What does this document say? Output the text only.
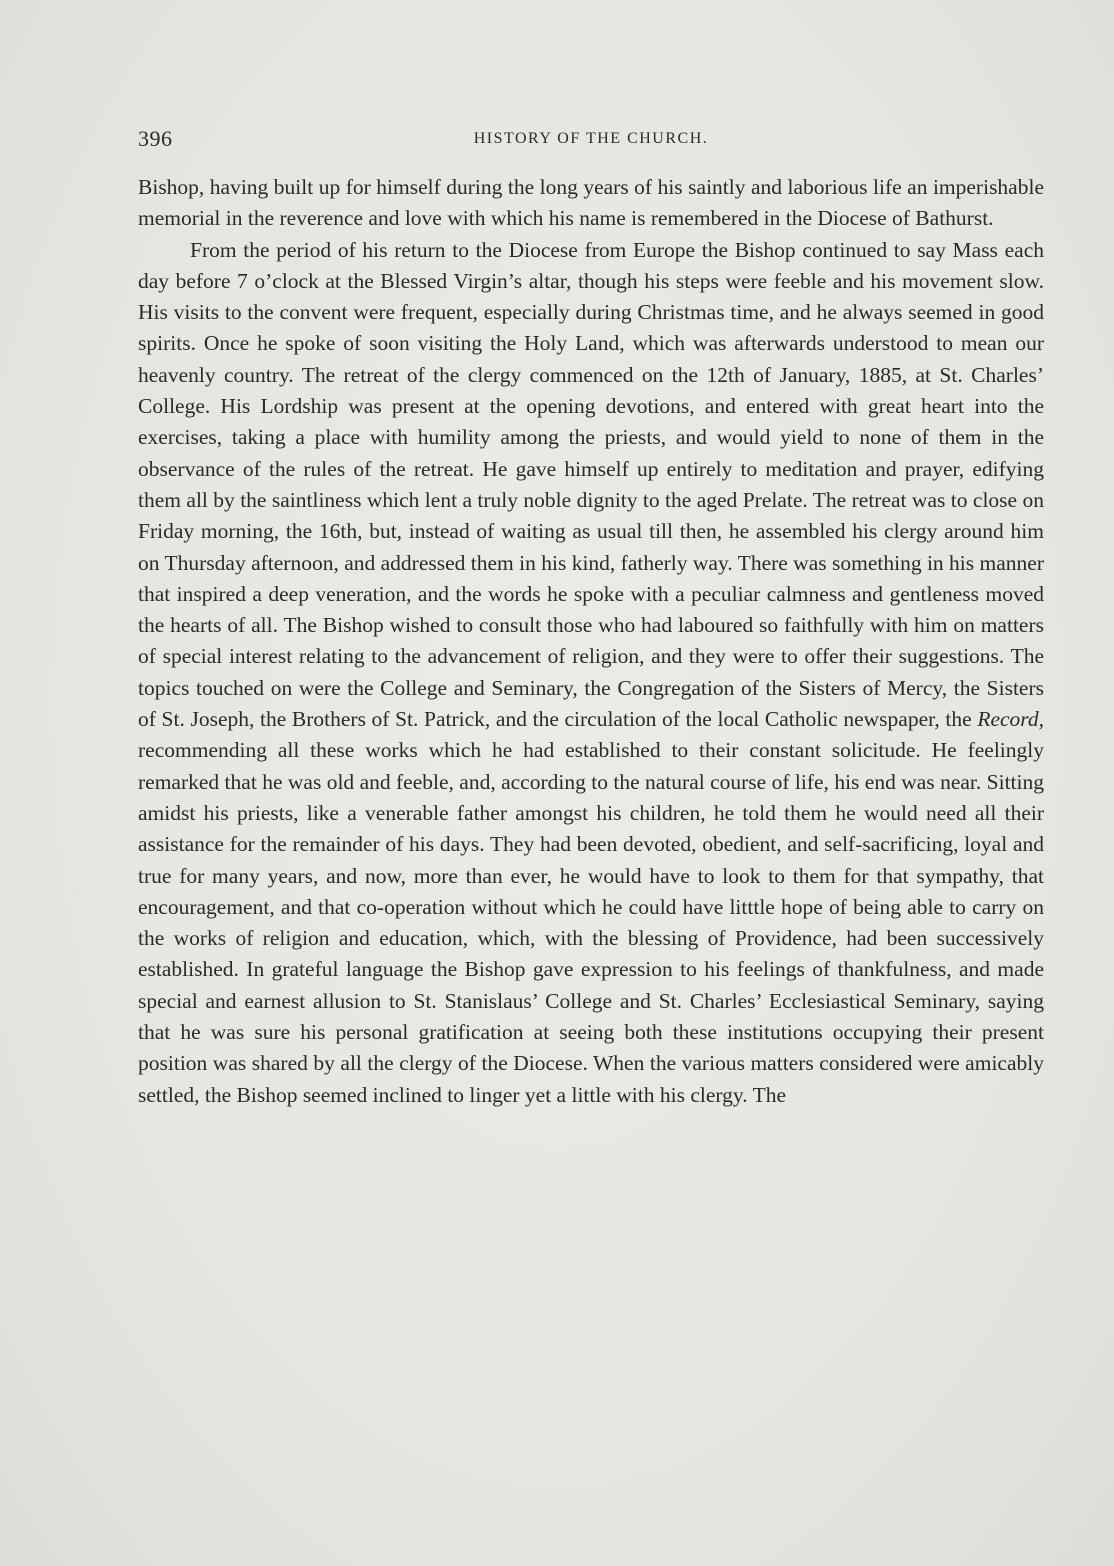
396	HISTORY OF THE CHURCH.

Bishop, having built up for himself during the long years of his saintly and laborious life an imperishable memorial in the reverence and love with which his name is remembered in the Diocese of Bathurst.

From the period of his return to the Diocese from Europe the Bishop continued to say Mass each day before 7 o’clock at the Blessed Virgin’s altar, though his steps were feeble and his movement slow. His visits to the convent were frequent, especially during Christmas time, and he always seemed in good spirits. Once he spoke of soon visiting the Holy Land, which was afterwards understood to mean our heavenly country. The retreat of the clergy commenced on the 12th of January, 1885, at St. Charles’ College. His Lordship was present at the opening devotions, and entered with great heart into the exercises, taking a place with humility among the priests, and would yield to none of them in the observance of the rules of the retreat. He gave himself up entirely to meditation and prayer, edifying them all by the saintliness which lent a truly noble dignity to the aged Prelate. The retreat was to close on Friday morning, the 16th, but, instead of waiting as usual till then, he assembled his clergy around him on Thursday afternoon, and addressed them in his kind, fatherly way. There was something in his manner that inspired a deep veneration, and the words he spoke with a peculiar calmness and gentleness moved the hearts of all. The Bishop wished to consult those who had laboured so faithfully with him on matters of special interest relating to the advancement of religion, and they were to offer their suggestions. The topics touched on were the College and Seminary, the Congregation of the Sisters of Mercy, the Sisters of St. Joseph, the Brothers of St. Patrick, and the circulation of the local Catholic newspaper, the Record, recommending all these works which he had established to their constant solicitude. He feelingly remarked that he was old and feeble, and, according to the natural course of life, his end was near. Sitting amidst his priests, like a venerable father amongst his children, he told them he would need all their assistance for the remainder of his days. They had been devoted, obedient, and self-sacrificing, loyal and true for many years, and now, more than ever, he would have to look to them for that sympathy, that encouragement, and that co-operation without which he could have litttle hope of being able to carry on the works of religion and education, which, with the blessing of Providence, had been successively established. In grateful language the Bishop gave expression to his feelings of thankfulness, and made special and earnest allusion to St. Stanislaus’ College and St. Charles’ Ecclesiastical Seminary, saying that he was sure his personal gratification at seeing both these institutions occupying their present position was shared by all the clergy of the Diocese. When the various matters considered were amicably settled, the Bishop seemed inclined to linger yet a little with his clergy. The
